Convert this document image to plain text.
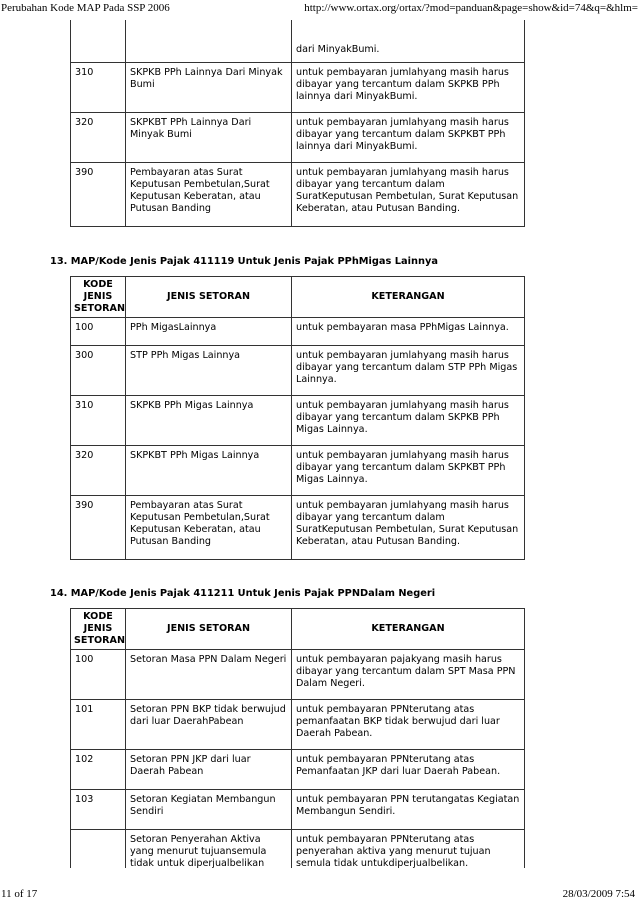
Perubahan Kode MAP Pada SSP 2006	http://www.ortax.org/ortax/?mod=panduan&page=show&id=74&q=&hlm=
		dari MinyakBumi.
310	SKPKB PPh Lainnya Dari Minyak Bumi	untuk pembayaran jumlahyang masih harus dibayar yang tercantum dalam SKPKB PPh lainnya dari MinyakBumi.
320	SKPKBT PPh Lainnya Dari Minyak Bumi	untuk pembayaran jumlahyang masih harus dibayar yang tercantum dalam SKPKBT PPh lainnya dari MinyakBumi.
390	Pembayaran atas Surat Keputusan Pembetulan,Surat Keputusan Keberatan, atau Putusan Banding	untuk pembayaran jumlahyang masih harus dibayar yang tercantum dalam SuratKeputusan Pembetulan, Surat Keputusan Keberatan, atau Putusan Banding.
13. MAP/Kode Jenis Pajak 411119 Untuk Jenis Pajak PPhMigas Lainnya
KODE JENIS SETORAN	JENIS SETORAN	KETERANGAN
100	PPh MigasLainnya	untuk pembayaran masa PPhMigas Lainnya.
300	STP PPh Migas Lainnya	untuk pembayaran jumlahyang masih harus dibayar yang tercantum dalam STP PPh Migas Lainnya.
310	SKPKB PPh Migas Lainnya	untuk pembayaran jumlahyang masih harus dibayar yang tercantum dalam SKPKB PPh Migas Lainnya.
320	SKPKBT PPh Migas Lainnya	untuk pembayaran jumlahyang masih harus dibayar yang tercantum dalam SKPKBT PPh Migas Lainnya.
390	Pembayaran atas Surat Keputusan Pembetulan,Surat Keputusan Keberatan, atau Putusan Banding	untuk pembayaran jumlahyang masih harus dibayar yang tercantum dalam SuratKeputusan Pembetulan, Surat Keputusan Keberatan, atau Putusan Banding.
14. MAP/Kode Jenis Pajak 411211 Untuk Jenis Pajak PPNDalam Negeri
KODE JENIS SETORAN	JENIS SETORAN	KETERANGAN
100	Setoran Masa PPN Dalam Negeri	untuk pembayaran pajakyang masih harus dibayar yang tercantum dalam SPT Masa PPN Dalam Negeri.
101	Setoran PPN BKP tidak berwujud dari luar DaerahPabean	untuk pembayaran PPNterutang atas pemanfaatan BKP tidak berwujud dari luar Daerah Pabean.
102	Setoran PPN JKP dari luar Daerah Pabean	untuk pembayaran PPNterutang atas Pemanfaatan JKP dari luar Daerah Pabean.
103	Setoran Kegiatan Membangun Sendiri	untuk pembayaran PPN terutangatas Kegiatan Membangun Sendiri.
	Setoran Penyerahan Aktiva yang menurut tujuansemula tidak untuk diperjualbelikan	untuk pembayaran PPNterutang atas penyerahan aktiva yang menurut tujuan semula tidak untukdiperjualbelikan.
11 of 17	28/03/2009 7:54
